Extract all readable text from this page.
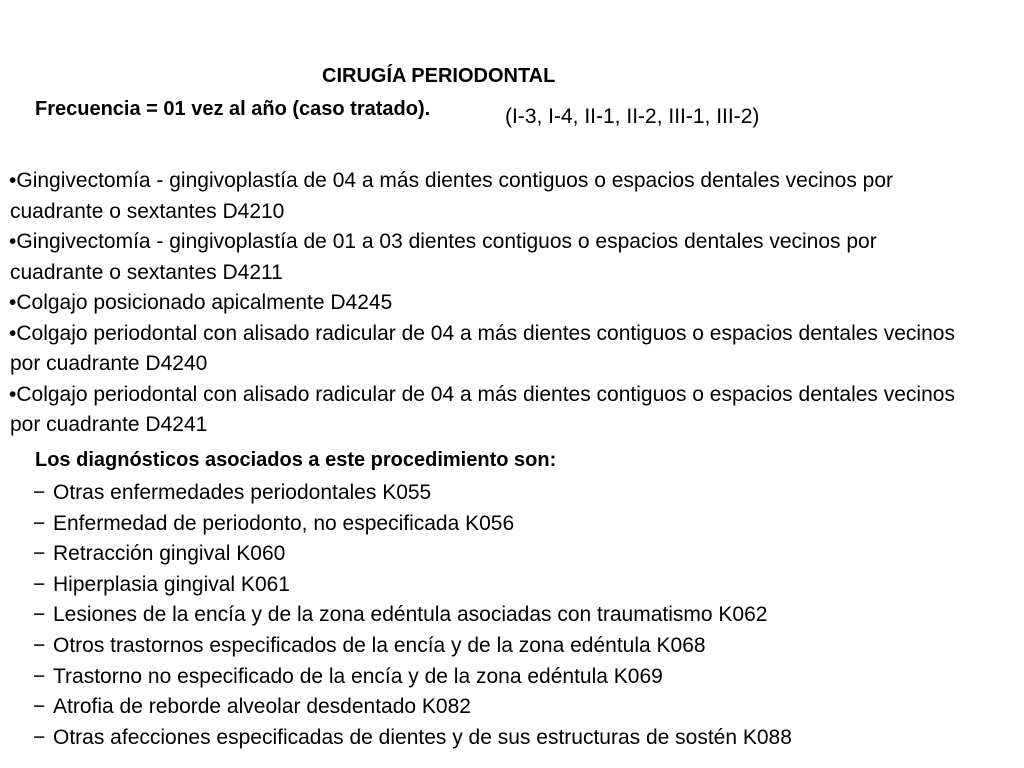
CIRUGÍA PERIODONTAL
Frecuencia = 01 vez al año (caso tratado).	(I-3, I-4, II-1, II-2, III-1, III-2)
•Gingivectomía - gingivoplastía de 04 a más dientes contiguos o espacios dentales vecinos por cuadrante o sextantes D4210
•Gingivectomía - gingivoplastía de 01 a 03 dientes contiguos o espacios dentales vecinos por cuadrante o sextantes D4211
•Colgajo posicionado apicalmente D4245
•Colgajo periodontal con alisado radicular de 04 a más dientes contiguos o espacios dentales vecinos por cuadrante D4240
•Colgajo periodontal con alisado radicular de 04 a más dientes contiguos o espacios dentales vecinos por cuadrante D4241
Los diagnósticos asociados a este procedimiento son:
− Otras enfermedades periodontales K055
− Enfermedad de periodonto, no especificada K056
− Retracción gingival K060
− Hiperplasia gingival K061
− Lesiones de la encía y de la zona edéntula asociadas con traumatismo K062
− Otros trastornos especificados de la encía y de la zona edéntula K068
− Trastorno no especificado de la encía y de la zona edéntula K069
− Atrofia de reborde alveolar desdentado K082
− Otras afecciones especificadas de dientes y de sus estructuras de sostén K088
